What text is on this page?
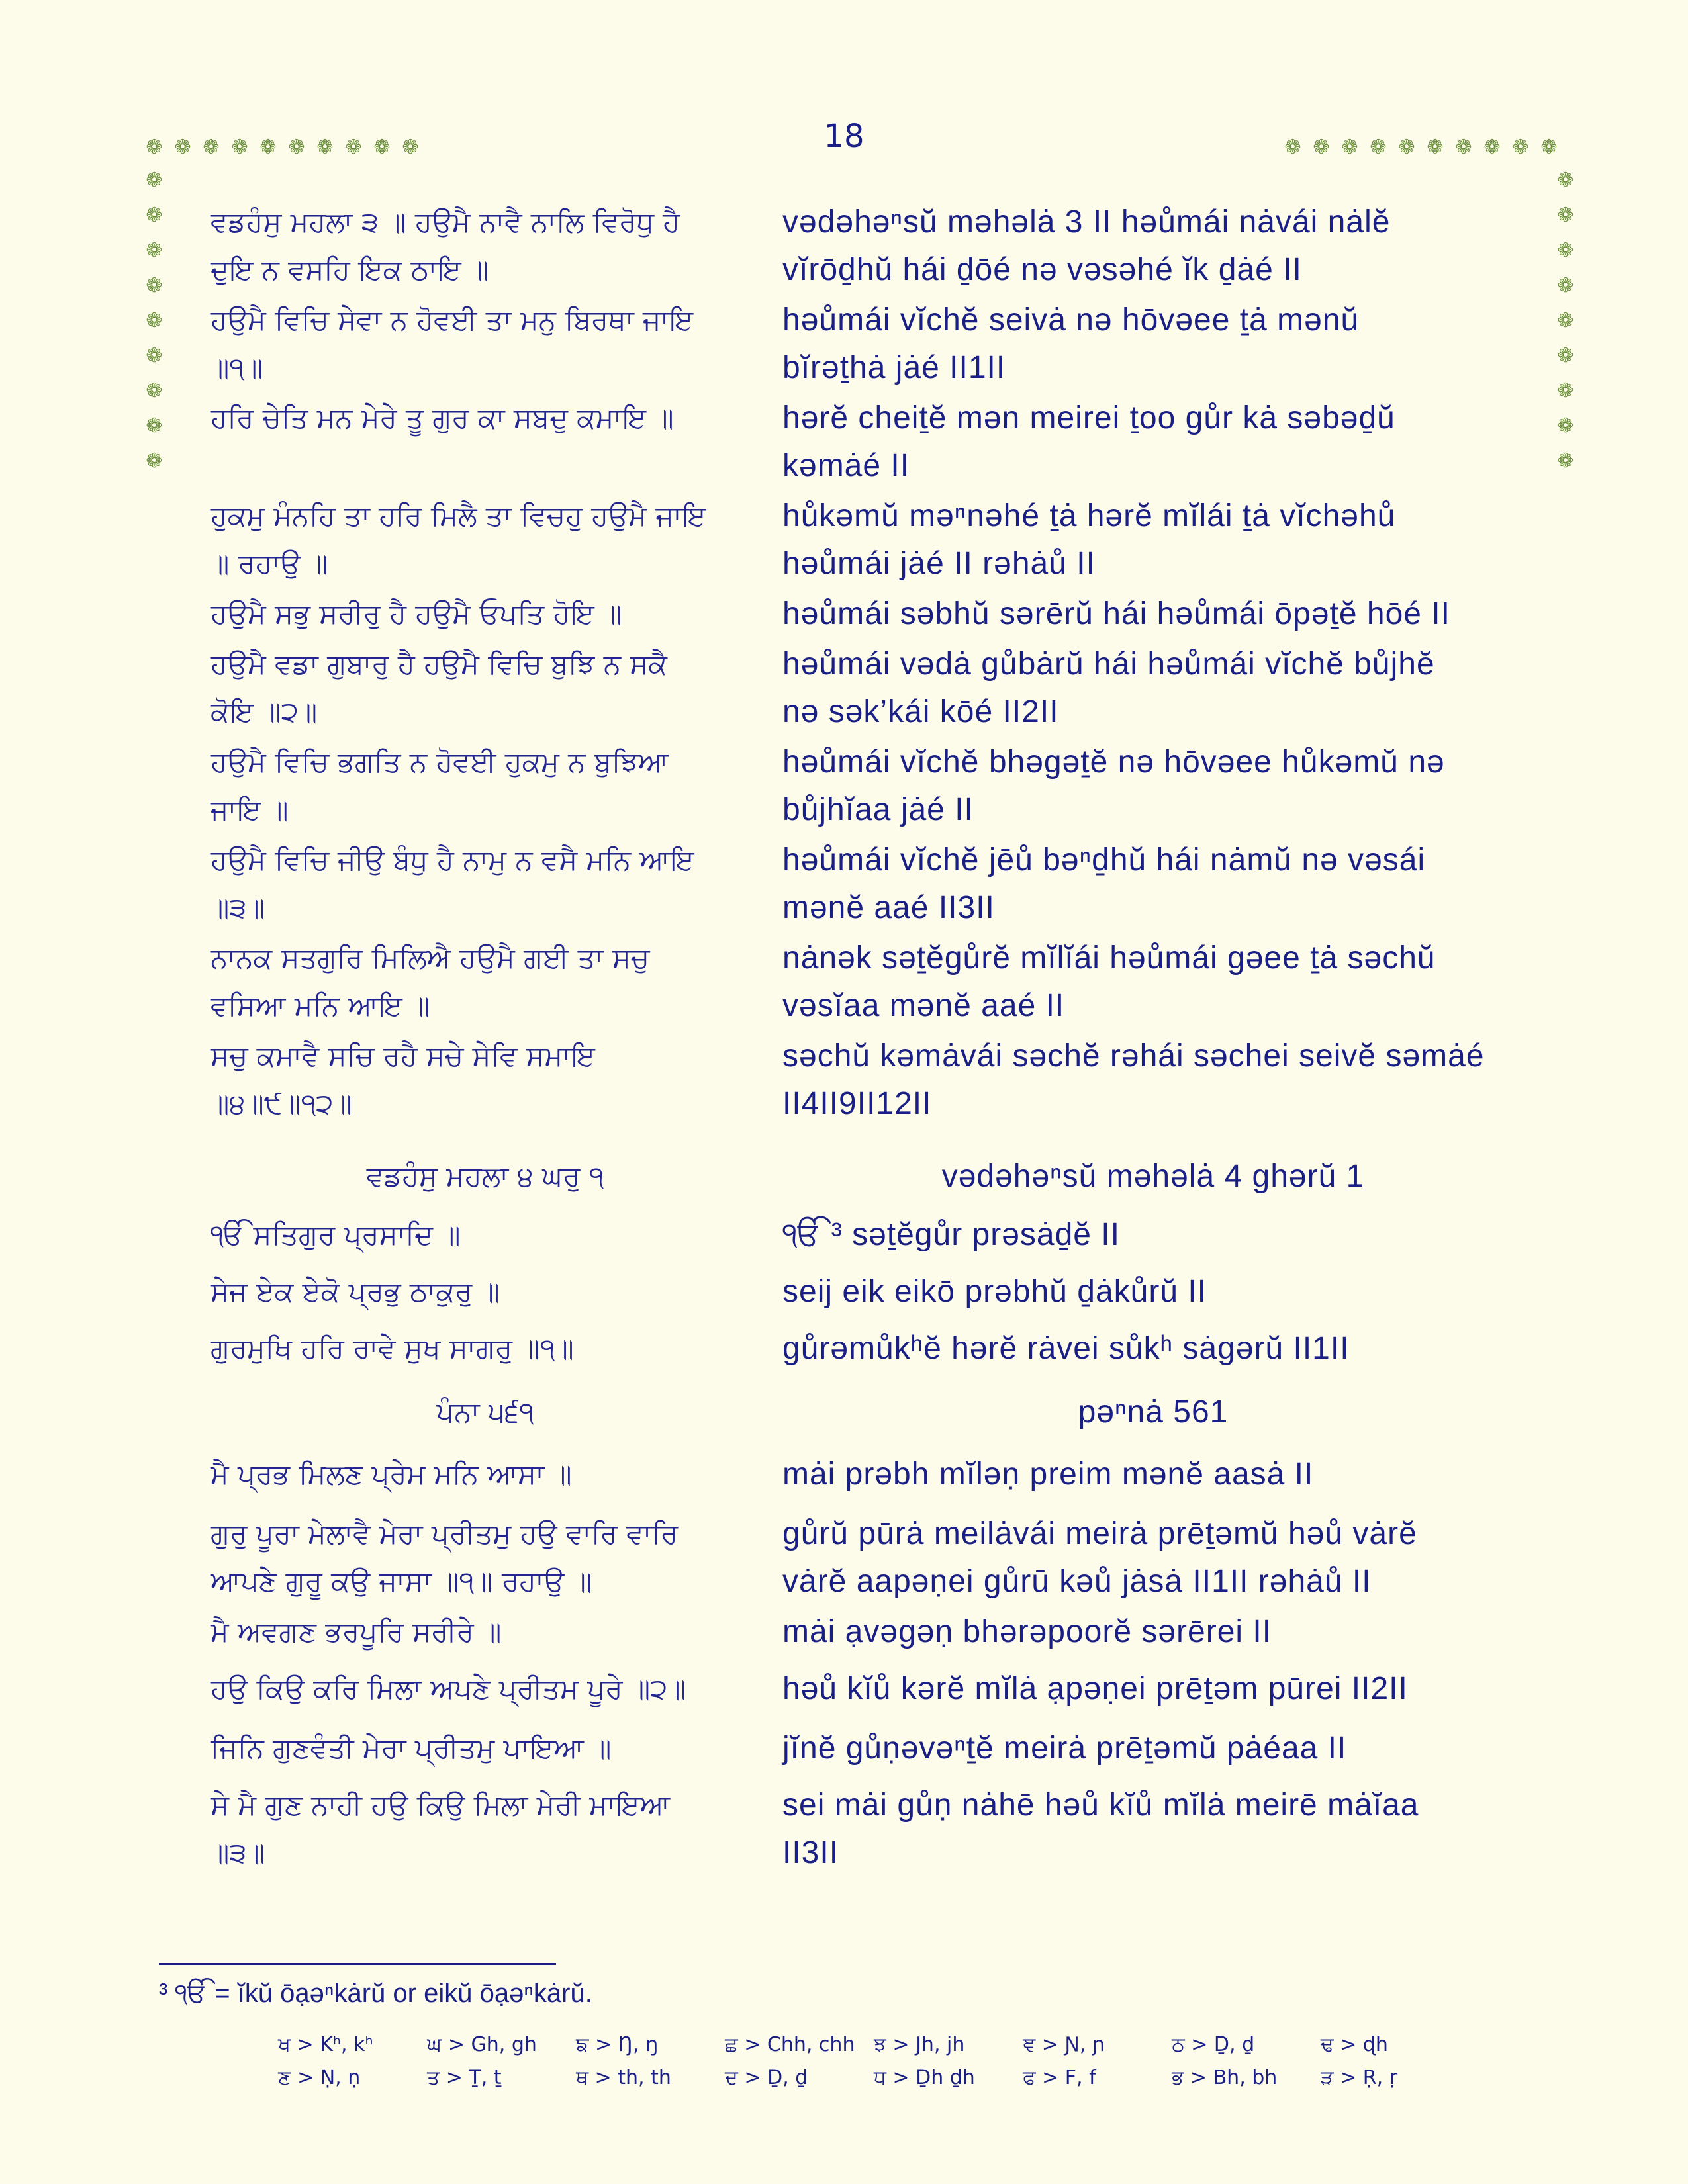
18
❁ ❁ ❁ ❁ ❁ ❁ ❁ ❁ ❁ ❁	❁ ❁ ❁ ❁ ❁ ❁ ❁ ❁ ❁ ❁
❁
❁
❁
❁
❁
❁
❁
❁
❁
❁
❁
❁
❁
❁
❁
❁
❁
❁
ਵਡਹੰਸੁ ਮਹਲਾ ੩ ॥ ਹਉਮੈ ਨਾਵੈ ਨਾਲਿ ਵਿਰੋਧੁ ਹੈ
ਦੁਇ ਨ ਵਸਹਿ ਇਕ ਠਾਇ ॥
vədəhəⁿsŭ məhəlȧ 3 II həůmái nȧvái nȧlĕ
vĭrōḏhŭ hái ḏōé nə vəsəhé ĭk ḏȧé II
ਹਉਮੈ ਵਿਚਿ ਸੇਵਾ ਨ ਹੋਵਈ ਤਾ ਮਨੁ ਬਿਰਥਾ ਜਾਇ
॥੧॥
həůmái vĭchĕ seivȧ nə hōvəee ṯȧ mənŭ
bĭrəṯhȧ jȧé II1II
ਹਰਿ ਚੇਤਿ ਮਨ ਮੇਰੇ ਤੂ ਗੁਰ ਕਾ ਸਬਦੁ ਕਮਾਇ ॥	hərĕ cheiṯĕ mən meirei ṯoo gůr kȧ səbəḏŭ
kəmȧé II
ਹੁਕਮੁ ਮੰਨਹਿ ਤਾ ਹਰਿ ਮਿਲੈ ਤਾ ਵਿਚਹੁ ਹਉਮੈ ਜਾਇ
॥ ਰਹਾਉ ॥
hůkəmŭ məⁿnəhé ṯȧ hərĕ mĭlái ṯȧ vĭchəhů
həůmái jȧé II rəhȧů II
ਹਉਮੈ ਸਭੁ ਸਰੀਰੁ ਹੈ ਹਉਮੈ ਓਪਤਿ ਹੋਇ ॥	həůmái səbhŭ sərērŭ hái həůmái ōpəṯĕ hōé II
ਹਉਮੈ ਵਡਾ ਗੁਬਾਰੁ ਹੈ ਹਉਮੈ ਵਿਚਿ ਬੁਝਿ ਨ ਸਕੈ
ਕੋਇ ॥੨॥
həůmái vədȧ gůbȧrŭ hái həůmái vĭchĕ bůjhĕ
nə sək’kái kōé II2II
ਹਉਮੈ ਵਿਚਿ ਭਗਤਿ ਨ ਹੋਵਈ ਹੁਕਮੁ ਨ ਬੁਝਿਆ
ਜਾਇ ॥
həůmái vĭchĕ bhəgəṯĕ nə hōvəee hůkəmŭ nə
bůjhĭaa jȧé II
ਹਉਮੈ ਵਿਚਿ ਜੀਉ ਬੰਧੁ ਹੈ ਨਾਮੁ ਨ ਵਸੈ ਮਨਿ ਆਇ
॥੩॥
həůmái vĭchĕ jēů bəⁿḏhŭ hái nȧmŭ nə vəsái
mənĕ aaé II3II
ਨਾਨਕ ਸਤਗੁਰਿ ਮਿਲਿਐ ਹਉਮੈ ਗਈ ਤਾ ਸਚੁ
ਵਸਿਆ ਮਨਿ ਆਇ ॥
nȧnək səṯĕgůrĕ mĭlĭái həůmái gəee ṯȧ səchŭ
vəsĭaa mənĕ aaé II
ਸਚੁ ਕਮਾਵੈ ਸਚਿ ਰਹੈ ਸਚੇ ਸੇਵਿ ਸਮਾਇ
॥੪॥੯॥੧੨॥
səchŭ kəmȧvái səchĕ rəhái səchei seivĕ səmȧé
II4II9II12II
ਵਡਹੰਸੁ ਮਹਲਾ ੪ ਘਰੁ ੧	vədəhəⁿsŭ məhəlȧ 4 ghərŭ 1
ੴ ਸਤਿਗੁਰ ਪ੍ਰਸਾਦਿ ॥	ੴ ³ səṯĕgůr prəsȧḏĕ II
ਸੇਜ ਏਕ ਏਕੋ ਪ੍ਰਭੁ ਠਾਕੁਰੁ ॥	seij eik eikō prəbhŭ ḏȧkůrŭ II
ਗੁਰਮੁਖਿ ਹਰਿ ਰਾਵੇ ਸੁਖ ਸਾਗਰੁ ॥੧॥	gůrəmůkʰĕ hərĕ rȧvei sůkʰ sȧgərŭ II1II
ਪੰਨਾ ੫੬੧	pəⁿnȧ 561
ਮੈ ਪ੍ਰਭ ਮਿਲਣ ਪ੍ਰੇਮ ਮਨਿ ਆਸਾ ॥	mȧi prəbh mĭləṇ preim mənĕ aasȧ II
ਗੁਰੁ ਪੂਰਾ ਮੇਲਾਵੈ ਮੇਰਾ ਪ੍ਰੀਤਮੁ ਹਉ ਵਾਰਿ ਵਾਰਿ
ਆਪਣੇ ਗੁਰੂ ਕਉ ਜਾਸਾ ॥੧॥ ਰਹਾਉ ॥
gůrŭ pūrȧ meilȧvái meirȧ prēṯəmŭ həů vȧrĕ
vȧrĕ aapəṇei gůrū kəů jȧsȧ II1II rəhȧů II
ਮੈ ਅਵਗਣ ਭਰਪੂਰਿ ਸਰੀਰੇ ॥	mȧi ạvəgəṇ bhərəpoorĕ sərērei II
ਹਉ ਕਿਉ ਕਰਿ ਮਿਲਾ ਅਪਣੇ ਪ੍ਰੀਤਮ ਪੂਰੇ ॥੨॥	həů kĭů kərĕ mĭlȧ ạpəṇei prēṯəm pūrei II2II
ਜਿਨਿ ਗੁਣਵੰਤੀ ਮੇਰਾ ਪ੍ਰੀਤਮੁ ਪਾਇਆ ॥	jĭnĕ gůṇəvəⁿṯĕ meirȧ prēṯəmŭ pȧéaa II
ਸੇ ਮੈ ਗੁਣ ਨਾਹੀ ਹਉ ਕਿਉ ਮਿਲਾ ਮੇਰੀ ਮਾਇਆ
॥੩॥
sei mȧi gůṇ nȧhē həů kĭů mĭlȧ meirē mȧĭaa
II3II
³ ੴ = ĭkŭ ōạəⁿkȧrŭ or eikŭ ōạəⁿkȧrŭ.
ਖ > Kʰ, kʰ	ਘ > Gh, gh	ਙ > Ŋ, ŋ	ਛ > Chh, chh ਝ > Jh, jh	ਞ > Ɲ, ɲ	ਠ > Ḏ, ḏ	ਢ > ɖh
ਣ > Ṇ, ṇ	ਤ > Ṯ, ṯ	ਥ > th, th	ਦ > Ḏ, ḏ	ਧ > Ḏh ḏh	ਫ > F, f	ਭ > Bh, bh	ੜ > Ṛ, ṛ
